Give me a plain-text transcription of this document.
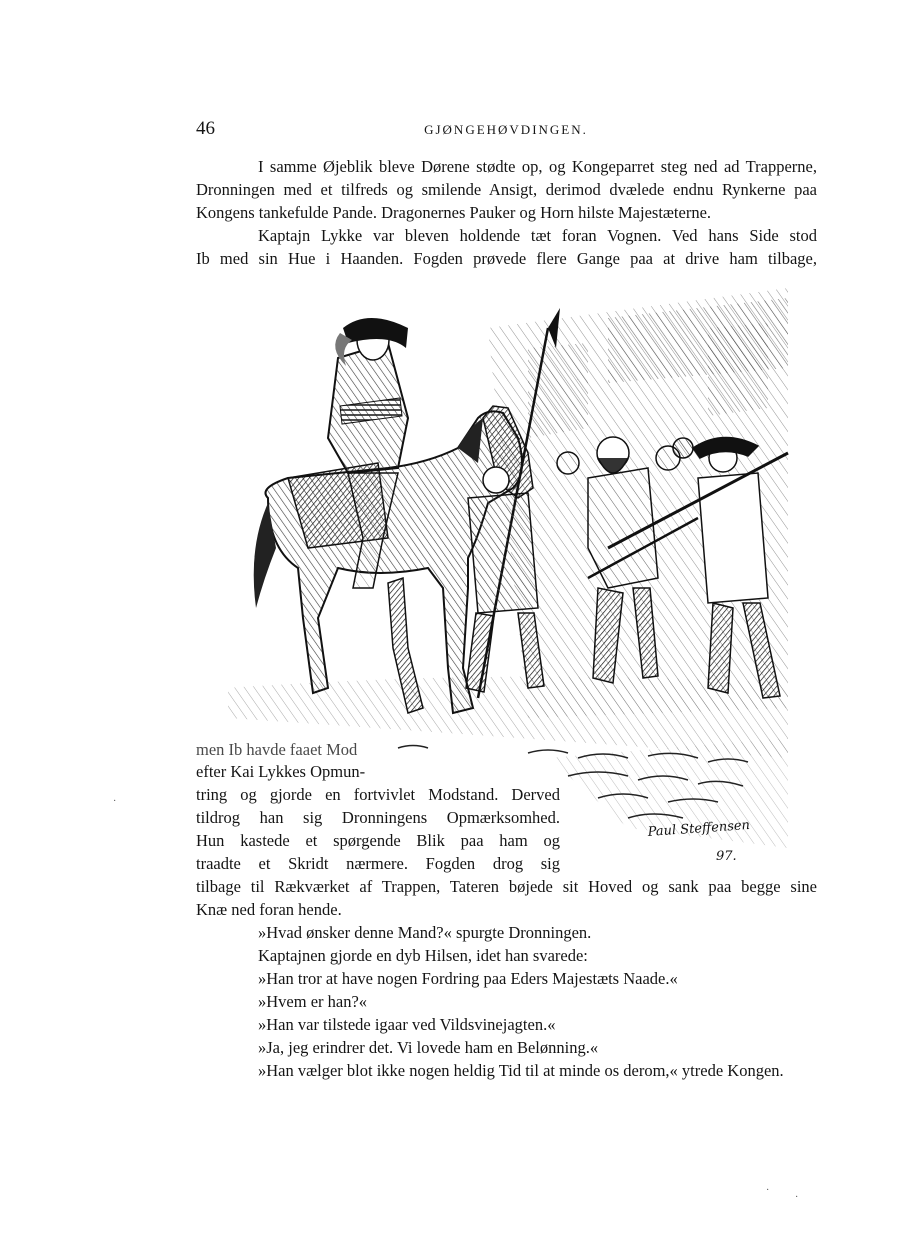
46	GJØNGEHØVDINGEN.
I samme Øjeblik bleve Dørene stødte op, og Kongeparret steg ned ad Trapperne,
Dronningen med et tilfreds og smilende Ansigt, derimod dvælede endnu Rynkerne paa
Kongens tankefulde Pande. Dragonernes Pauker og Horn hilste Majestæterne.
Kaptajn Lykke var bleven holdende tæt foran Vognen. Ved hans Side stod
Ib med sin Hue i Haanden. Fogden prøvede flere Gange paa at drive ham tilbage,
Paul Steffensen
97.
men Ib havde faaet Mod
efter Kai Lykkes Opmun-
tring og gjorde en fortvivlet Modstand. Derved
tildrog han sig Dronningens Opmærksomhed.
Hun kastede et spørgende Blik paa ham og
traadte et Skridt nærmere. Fogden drog sig
tilbage til Rækværket af Trappen, Tateren bøjede sit Hoved og sank paa begge sine
Knæ ned foran hende.
»Hvad ønsker denne Mand?« spurgte Dronningen.
Kaptajnen gjorde en dyb Hilsen, idet han svarede:
»Han tror at have nogen Fordring paa Eders Majestæts Naade.«
»Hvem er han?«
»Han var tilstede igaar ved Vildsvinejagten.«
»Ja, jeg erindrer det. Vi lovede ham en Belønning.«
»Han vælger blot ikke nogen heldig Tid til at minde os derom,« ytrede Kongen.
·
·
·
